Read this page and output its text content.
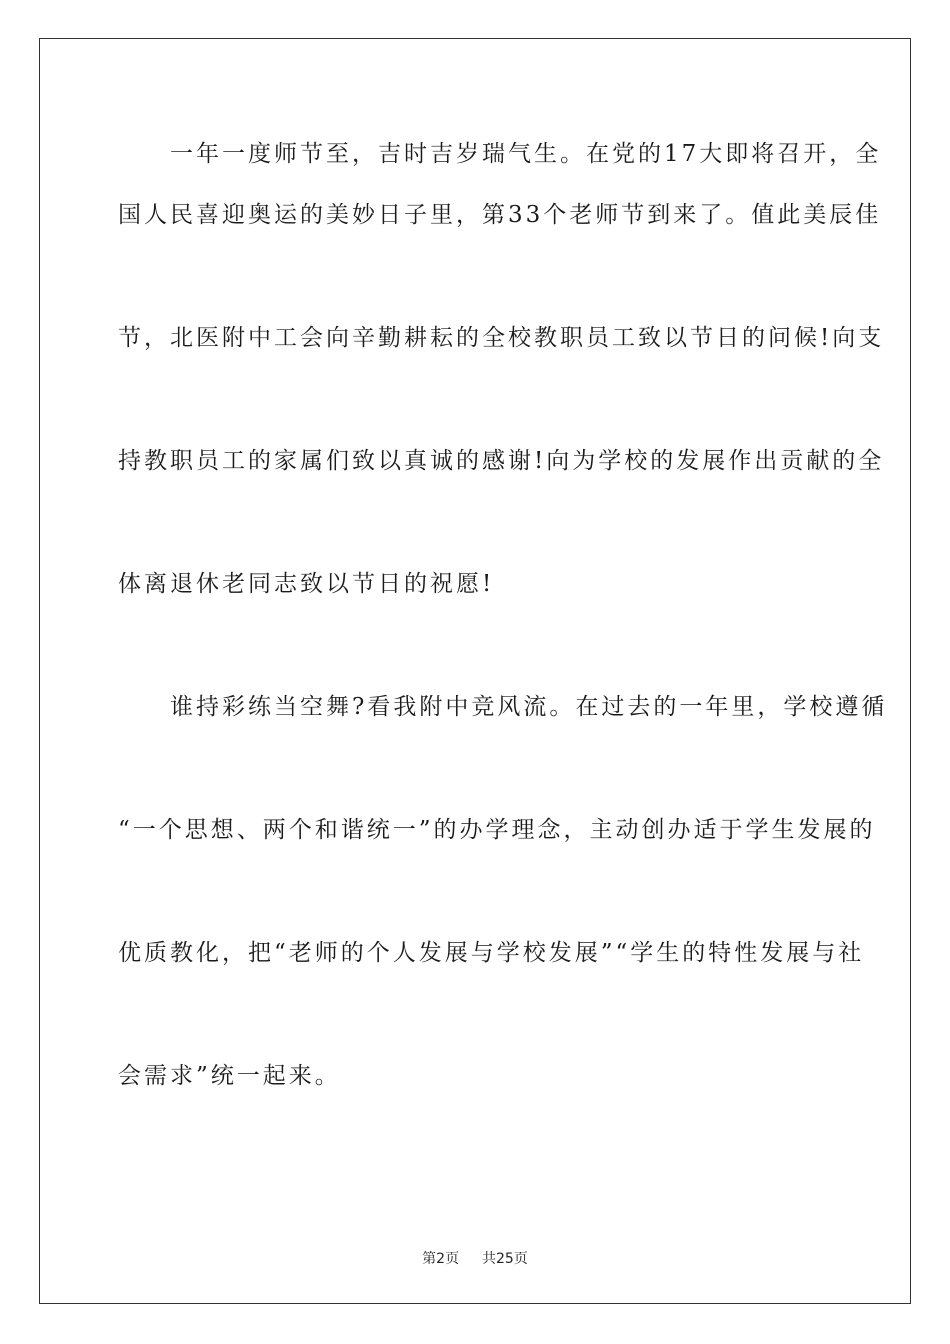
　　一年一度师节至，吉时吉岁瑞气生。在党的17大即将召开，全
国人民喜迎奥运的美妙日子里，第33个老师节到来了。值此美辰佳
节，北医附中工会向辛勤耕耘的全校教职员工致以节日的问候!向支
持教职员工的家属们致以真诚的感谢!向为学校的发展作出贡献的全
体离退休老同志致以节日的祝愿!
　　谁持彩练当空舞?看我附中竞风流。在过去的一年里，学校遵循
“一个思想、两个和谐统一”的办学理念，主动创办适于学生发展的
优质教化，把“老师的个人发展与学校发展”“学生的特性发展与社
会需求”统一起来。
第2页 共25页
